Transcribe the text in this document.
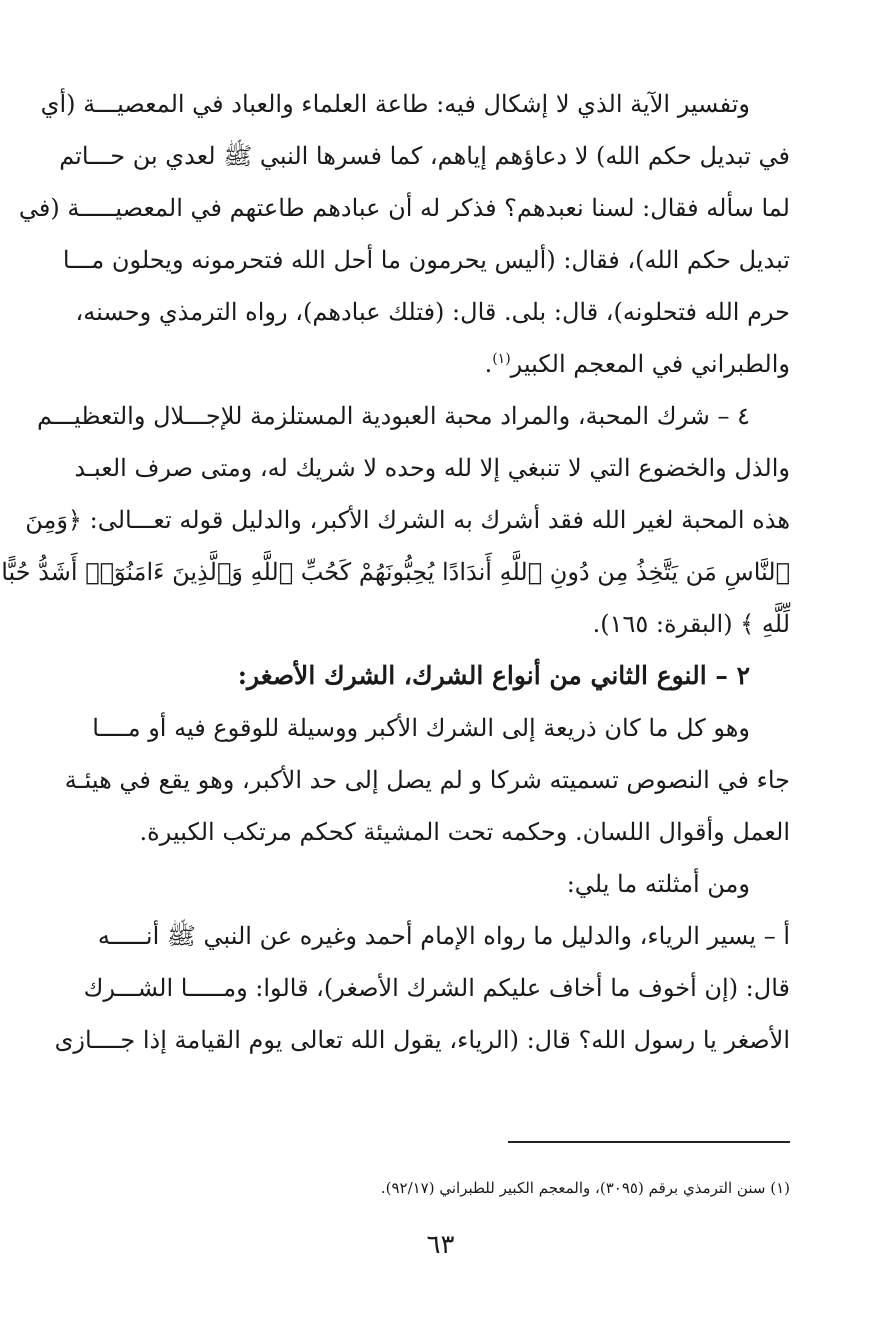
وتفسير الآية الذي لا إشكال فيه: طاعة العلماء والعباد في المعصيـــة (أي
في تبديل حكم الله) لا دعاؤهم إياهم، كما فسرها النبي ﷺ لعدي بن حـــاتم
لما سأله فقال: لسنا نعبدهم؟ فذكر له أن عبادهم طاعتهم في المعصيـــــة (في
تبديل حكم الله)، فقال: (أليس يحرمون ما أحل الله فتحرمونه ويحلون مـــا
حرم الله فتحلونه)، قال: بلى. قال: (فتلك عبادهم)، رواه الترمذي وحسنه،
والطبراني في المعجم الكبير$^{(١)}$.
٤ – شرك المحبة، والمراد محبة العبودية المستلزمة للإجـــلال والتعظيـــم
والذل والخضوع التي لا تنبغي إلا لله وحده لا شريك له، ومتى صرف العبـد
هذه المحبة لغير الله فقد أشرك به الشرك الأكبر، والدليل قوله تعـــالى: ﴿وَمِنَ
ٱلنَّاسِ مَن يَتَّخِذُ مِن دُونِ ٱللَّهِ أَندَادًا يُحِبُّونَهُمْ كَحُبِّ ٱللَّهِ وَٱلَّذِينَ ءَامَنُوٓا۟ أَشَدُّ حُبًّا
لِّلَّهِ ﴾ (البقرة: ١٦٥).
٢ – النوع الثاني من أنواع الشرك، الشرك الأصغر:
وهو كل ما كان ذريعة إلى الشرك الأكبر ووسيلة للوقوع فيه أو مــــا
جاء في النصوص تسميته شركا و لم يصل إلى حد الأكبر، وهو يقع في هيئـة
العمل وأقوال اللسان. وحكمه تحت المشيئة كحكم مرتكب الكبيرة.
ومن أمثلته ما يلي:
أ – يسير الرياء، والدليل ما رواه الإمام أحمد وغيره عن النبي ﷺ أنـــــه
قال: (إن أخوف ما أخاف عليكم الشرك الأصغر)، قالوا: ومـــــا الشـــرك
الأصغر يا رسول الله؟ قال: (الرياء، يقول الله تعالى يوم القيامة إذا جــــازى
(١) سنن الترمذي برقم (٣٠٩٥)، والمعجم الكبير للطبراني (٩٢/١٧).
٦٣
